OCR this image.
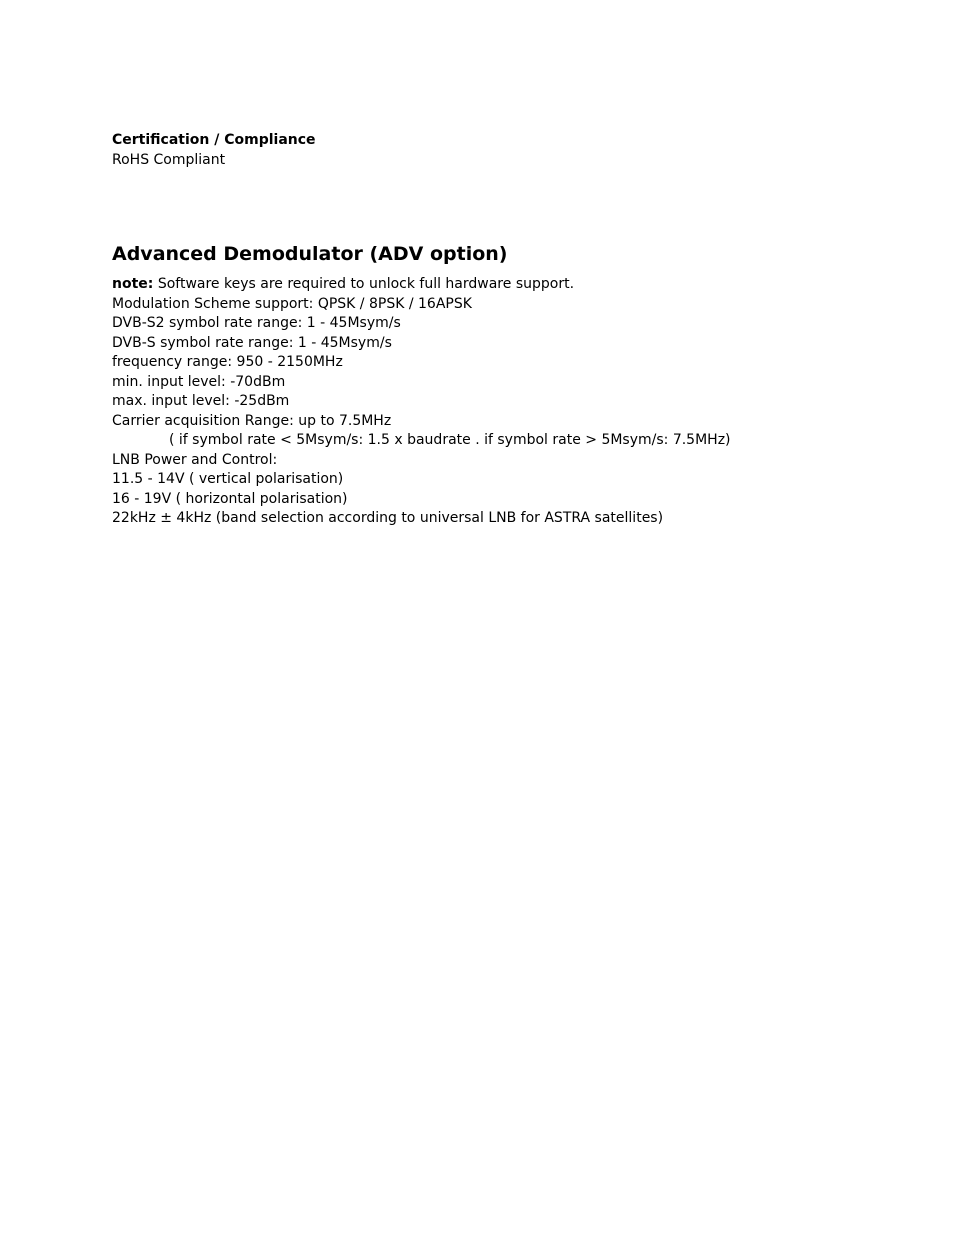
Certification / Compliance
RoHS Compliant
Advanced Demodulator (ADV option)
note: Software keys are required to unlock full hardware support.
Modulation Scheme support: QPSK / 8PSK / 16APSK
DVB-S2 symbol rate range: 1 - 45Msym/s
DVB-S symbol rate range: 1 - 45Msym/s
frequency range: 950 - 2150MHz
min. input level: -70dBm
max. input level: -25dBm
Carrier acquisition Range: up to 7.5MHz
( if symbol rate < 5Msym/s: 1.5 x baudrate . if symbol rate > 5Msym/s: 7.5MHz)
LNB Power and Control:
11.5 - 14V ( vertical polarisation)
16 - 19V ( horizontal polarisation)
22kHz ± 4kHz (band selection according to universal LNB for ASTRA satellites)
